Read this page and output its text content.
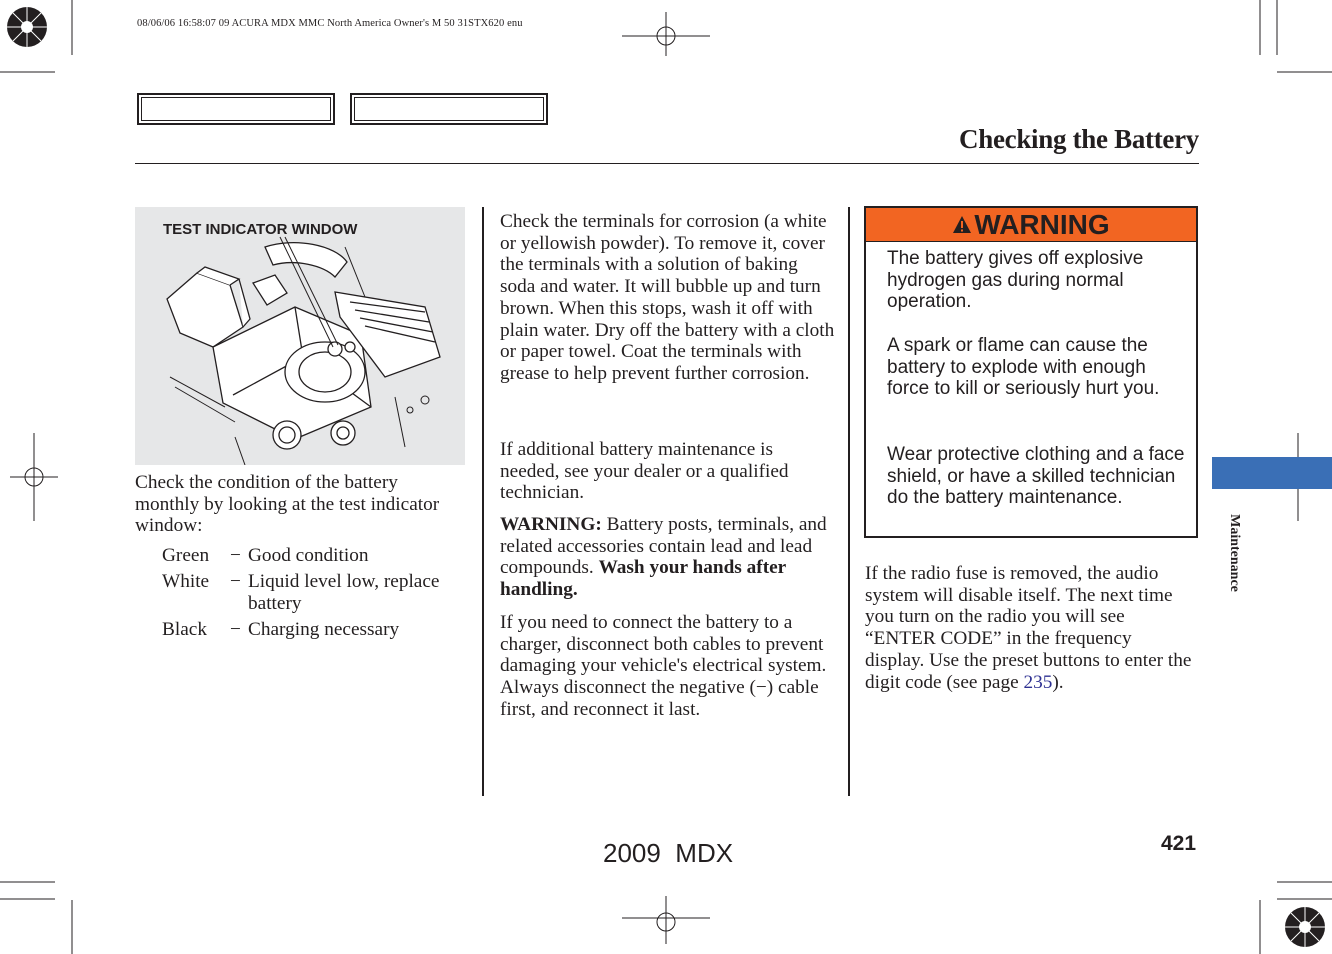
08/06/06 16:58:07 09 ACURA MDX MMC North America Owner's M 50 31STX620 enu
Checking the Battery
TEST INDICATOR WINDOW

Check the condition of the battery monthly by looking at the test indicator window:

Green	− Good condition
White	− Liquid level low, replace battery
Black	− Charging necessary

Check the terminals for corrosion (a white or yellowish powder). To remove it, cover the terminals with a solution of baking soda and water. It will bubble up and turn brown. When this stops, wash it off with plain water. Dry off the battery with a cloth or paper towel. Coat the terminals with grease to help prevent further corrosion.

If additional battery maintenance is needed, see your dealer or a qualified technician.

WARNING: Battery posts, terminals, and related accessories contain lead and lead compounds. Wash your hands after handling.

If you need to connect the battery to a charger, disconnect both cables to prevent damaging your vehicle's electrical system. Always disconnect the negative (−) cable first, and reconnect it last.

WARNING

The battery gives off explosive hydrogen gas during normal operation.

A spark or flame can cause the battery to explode with enough force to kill or seriously hurt you.

Wear protective clothing and a face shield, or have a skilled technician do the battery maintenance.

If the radio fuse is removed, the audio system will disable itself. The next time you turn on the radio you will see “ENTER CODE” in the frequency display. Use the preset buttons to enter the digit code (see page 235).

Maintenance
421
2009  MDX
